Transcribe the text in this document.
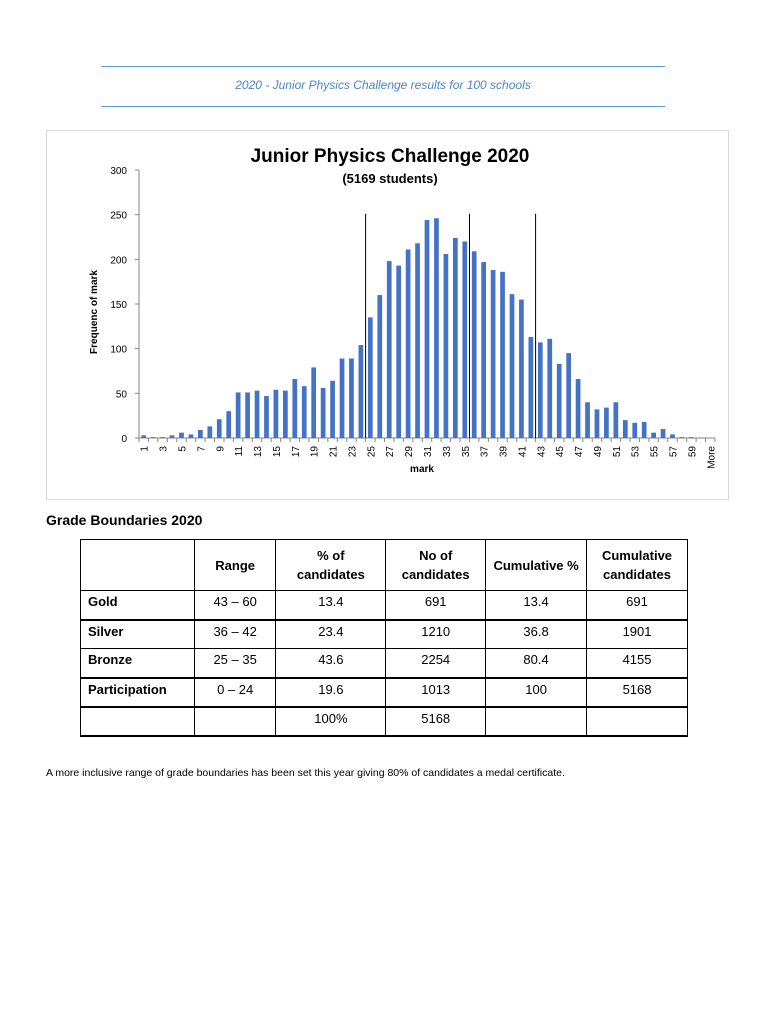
2020 - Junior Physics Challenge results for 100 schools
Junior Physics Challenge 2020
(5169 students)
0
50
100
150
200
250
300
Frequenc of mark
1 3 5 7 9 11 13 15 17 19 21 23 25 27 29 31 33 35 37 39 41 43 45 47 49 51 53 55 57 59 More
mark
Grade Boundaries 2020
	Range	% of candidates	No of candidates	Cumulative %	Cumulative candidates

Gold	43 – 60	13.4	691	13.4	691
Silver	36 – 42	23.4	1210	36.8	1901
Bronze	25 – 35	43.6	2254	80.4	4155
Participation	0 – 24	19.6	1013	100	5168
		100%	5168		
A more inclusive range of grade boundaries has been set this year giving 80% of candidates a medal certificate.
